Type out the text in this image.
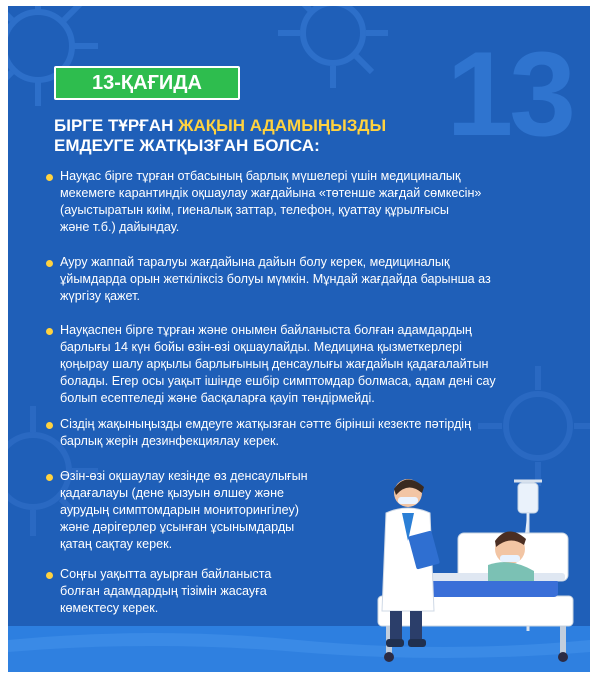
13
13-ҚАҒИДА
БІРГЕ ТҰРҒАН ЖАҚЫН АДАМЫҢЫЗДЫ
ЕМДЕУГЕ ЖАТҚЫЗҒАН БОЛСА:
Науқас бірге тұрған отбасының барлық мүшелері үшін медициналық
мекемеге карантиндік оқшаулау жағдайына «төтенше жағдай сөмкесін»
(ауыстыратын киім, гиеналық заттар, телефон, қуаттау құрылғысы
және т.б.) дайындау.
Ауру жаппай таралуы жағдайына дайын болу керек, медициналық
ұйымдарда орын жеткіліксіз болуы мүмкін. Мұндай жағдайда барынша аз
жүргізу қажет.
Науқаспен бірге тұрған және онымен байланыста болған адамдардың
барлығы 14 күн бойы өзін-өзі оқшаулайды. Медицина қызметкерлері
қоңырау шалу арқылы барлығының денсаулығы жағдайын қадағалайтын
болады. Егер осы уақыт ішінде ешбір симптомдар болмаса, адам дені сау
болып есептеледі және басқаларға қауіп төндірмейді.
Сіздің жақыныңызды емдеуге жатқызған сәтте бірінші кезекте пәтірдің
барлық жерін дезинфекциялау керек.
Өзін-өзі оқшаулау кезінде өз денсаулығын
қадағалауы (дене қызуын өлшеу және
аурудың симптомдарын мониторингілеу)
және дәрігерлер ұсынған ұсынымдарды
қатаң сақтау керек.
Соңғы уақытта ауырған байланыста
болған адамдардың тізімін жасауға
көмектесу керек.
